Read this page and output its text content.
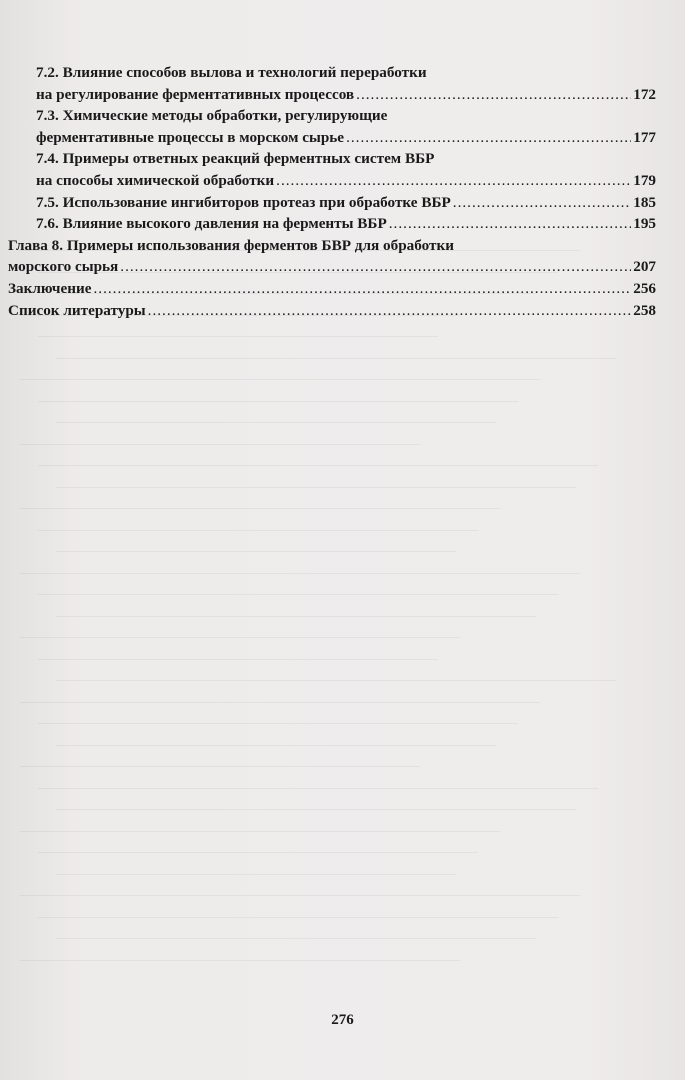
7.2. Влияние способов вылова и технологий переработки
на регулирование ферментативных процессов .....	172
7.3. Химические методы обработки, регулирующие
ферментативные процессы в морском сырье .....	177
7.4. Примеры ответных реакций ферментных систем ВБР
на способы химической обработки .....	179
7.5. Использование ингибиторов протеаз при обработке ВБР .....	185
7.6. Влияние высокого давления на ферменты ВБР .....	195
Глава 8. Примеры использования ферментов БВР для обработки
морского сырья .....	207
Заключение .....	256
Список литературы .....	258
276
